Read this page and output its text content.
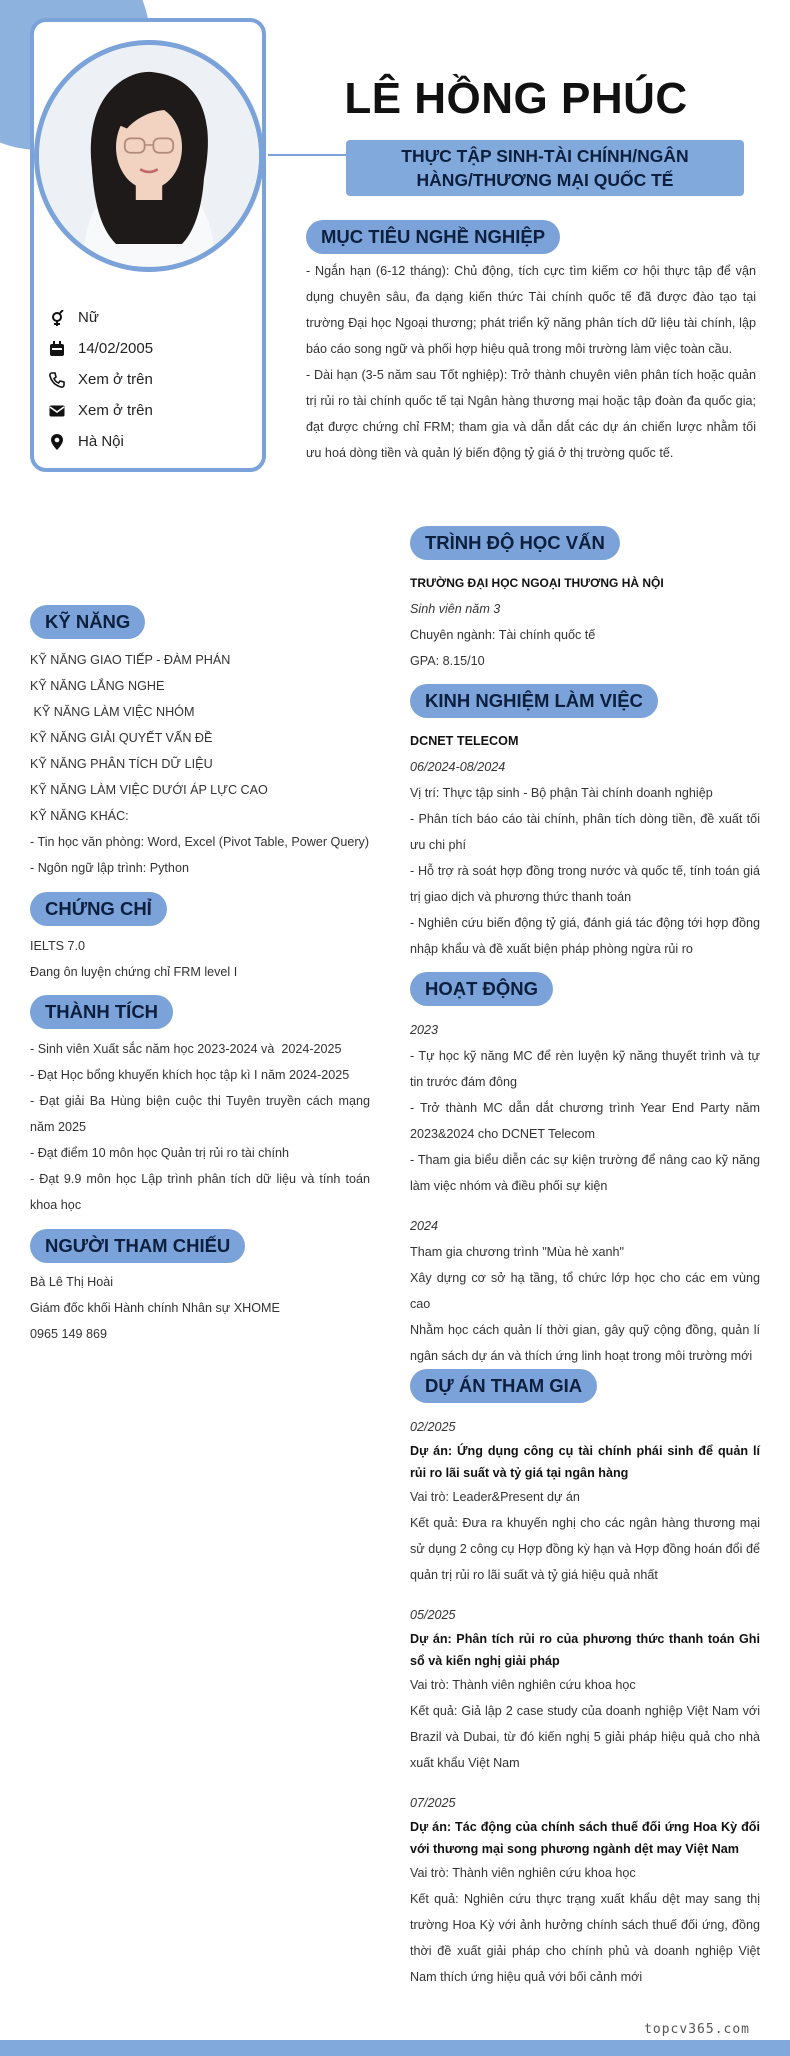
Nữ
14/02/2005
Xem ở trên
Xem ở trên
Hà Nội
LÊ HỒNG PHÚC
THỰC TẬP SINH-TÀI CHÍNH/NGÂN
HÀNG/THƯƠNG MẠI QUỐC TẾ
MỤC TIÊU NGHỀ NGHIỆP

- Ngắn hạn (6-12 tháng): Chủ động, tích cực tìm kiếm cơ hội thực tập để vận dụng chuyên sâu, đa dạng kiến thức Tài chính quốc tế đã được đào tạo tại trường Đại học Ngoại thương; phát triển kỹ năng phân tích dữ liệu tài chính, lập báo cáo song ngữ và phối hợp hiệu quả trong môi trường làm việc toàn cầu.

- Dài hạn (3-5 năm sau Tốt nghiệp): Trở thành chuyên viên phân tích hoặc quản trị rủi ro tài chính quốc tế tại Ngân hàng thương mại hoặc tập đoàn đa quốc gia; đạt được chứng chỉ FRM; tham gia và dẫn dắt các dự án chiến lược nhằm tối ưu hoá dòng tiền và quản lý biến động tỷ giá ở thị trường quốc tế.

TRÌNH ĐỘ HỌC VẤN
TRƯỜNG ĐẠI HỌC NGOẠI THƯƠNG HÀ NỘI
Sinh viên năm 3
Chuyên ngành: Tài chính quốc tế
GPA: 8.15/10
KINH NGHIỆM LÀM VIỆC
DCNET TELECOM
06/2024-08/2024
Vị trí: Thực tập sinh - Bộ phận Tài chính doanh nghiệp
- Phân tích báo cáo tài chính, phân tích dòng tiền, đề xuất tối ưu chi phí
- Hỗ trợ rà soát hợp đồng trong nước và quốc tế, tính toán giá trị giao dịch và phương thức thanh toán
- Nghiên cứu biến động tỷ giá, đánh giá tác động tới hợp đồng nhập khẩu và đề xuất biện pháp phòng ngừa rủi ro
HOẠT ĐỘNG
2023
- Tự học kỹ năng MC để rèn luyện kỹ năng thuyết trình và tự tin trước đám đông
- Trở thành MC dẫn dắt chương trình Year End Party năm 2023&2024 cho DCNET Telecom
- Tham gia biểu diễn các sự kiện trường để nâng cao kỹ năng làm việc nhóm và điều phối sự kiện
2024
Tham gia chương trình "Mùa hè xanh"
Xây dựng cơ sở hạ tầng, tổ chức lớp học cho các em vùng cao
Nhằm học cách quản lí thời gian, gây quỹ cộng đồng, quản lí ngân sách dự án và thích ứng linh hoạt trong môi trường mới
DỰ ÁN THAM GIA
02/2025
Dự án: Ứng dụng công cụ tài chính phái sinh để quản lí rủi ro lãi suất và tỷ giá tại ngân hàng
Vai trò: Leader&Present dự án
Kết quả: Đưa ra khuyến nghị cho các ngân hàng thương mại sử dụng 2 công cụ Hợp đồng kỳ hạn và Hợp đồng hoán đổi để quản trị rủi ro lãi suất và tỷ giá hiệu quả nhất
05/2025
Dự án: Phân tích rủi ro của phương thức thanh toán Ghi sổ và kiến nghị giải pháp
Vai trò: Thành viên nghiên cứu khoa học
Kết quả: Giả lập 2 case study của doanh nghiệp Việt Nam với Brazil và Dubai, từ đó kiến nghị 5 giải pháp hiệu quả cho nhà xuất khẩu Việt Nam
07/2025
Dự án: Tác động của chính sách thuế đối ứng Hoa Kỳ đối với thương mại song phương ngành dệt may Việt Nam
Vai trò: Thành viên nghiên cứu khoa học
Kết quả: Nghiên cứu thực trạng xuất khẩu dệt may sang thị trường Hoa Kỳ với ảnh hưởng chính sách thuế đối ứng, đồng thời đề xuất giải pháp cho chính phủ và doanh nghiệp Việt Nam thích ứng hiệu quả với bối cảnh mới
KỸ NĂNG
KỸ NĂNG GIAO TIẾP - ĐÀM PHÁN
KỸ NĂNG LẮNG NGHE
KỸ NĂNG LÀM VIỆC NHÓM
KỸ NĂNG GIẢI QUYẾT VẤN ĐỀ
KỸ NĂNG PHÂN TÍCH DỮ LIỆU
KỸ NĂNG LÀM VIỆC DƯỚI ÁP LỰC CAO
KỸ NĂNG KHÁC:
- Tin học văn phòng: Word, Excel (Pivot Table, Power Query)
- Ngôn ngữ lập trình: Python
CHỨNG CHỈ
IELTS 7.0
Đang ôn luyện chứng chỉ FRM level I
THÀNH TÍCH
- Sinh viên Xuất sắc năm học 2023-2024 và  2024-2025
- Đạt Học bổng khuyến khích học tập kì I năm 2024-2025
- Đạt giải Ba Hùng biện cuộc thi Tuyên truyền cách mạng năm 2025
- Đạt điểm 10 môn học Quản trị rủi ro tài chính
- Đạt 9.9 môn học Lập trình phân tích dữ liệu và tính toán khoa học
NGƯỜI THAM CHIẾU
Bà Lê Thị Hoài
Giám đốc khối Hành chính Nhân sự XHOME
0965 149 869
topcv365.com
